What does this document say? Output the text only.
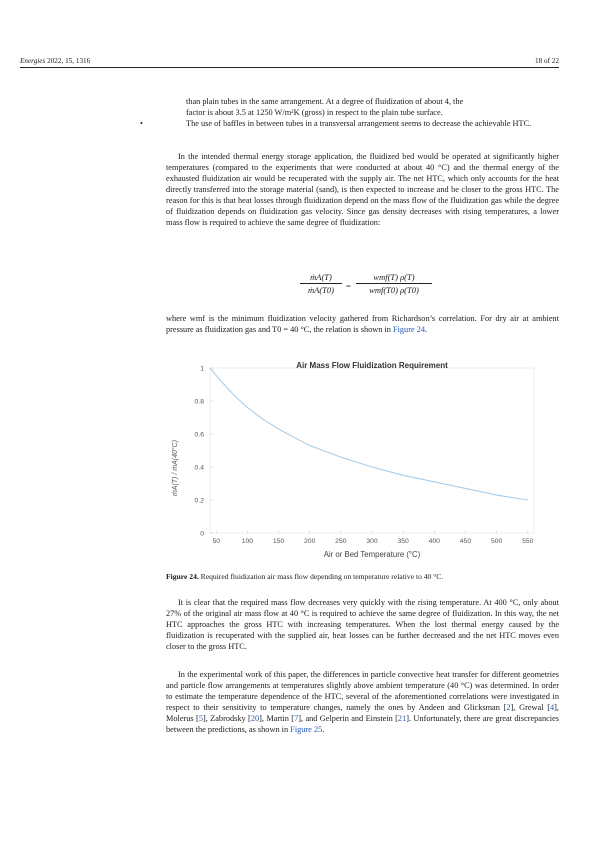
Energies 2022, 15, 1316	18 of 22

than plain tubes in the same arrangement. At a degree of fluidization of about 4, the

factor is about 3.5 at 1250 W/m²K (gross) in respect to the plain tube surface.

•	The use of baffles in between tubes in a transversal arrangement seems to decrease the achievable HTC.

In the intended thermal energy storage application, the fluidized bed would be operated at significantly higher temperatures (compared to the experiments that were conducted at about 40 °C) and the thermal energy of the exhausted fluidization air would be recuperated with the supply air. The net HTC, which only accounts for the heat directly transferred into the storage material (sand), is then expected to increase and be closer to the gross HTC. The reason for this is that heat losses through fluidization depend on the mass flow of the fluidization gas while the degree of fluidization depends on fluidization gas velocity. Since gas density decreases with rising temperatures, a lower mass flow is required to achieve the same degree of fluidization:

$\frac{\text{ṁA(T)}}{\text{ṁA(T0)}}$ =
wmf(T) ρ(T)
wmf(T0) ρ(T0)

where wmf is the minimum fluidization velocity gathered from Richardson’s correlation. For dry air at ambient pressure as fluidization gas and T0 = 40 °C, the relation is shown in Figure 24.

Air Mass Flow Fluidization Requirement
0
0.2
0.4
0.6
0.8
1
50	100	150	200	250	300	350	400	450	500	550
Air or Bed Temperature (°C)
ṁA(T) / ṁA(40°C)
Figure 24. Required fluidization air mass flow depending on temperature relative to 40 °C.

It is clear that the required mass flow decreases very quickly with the rising temperature. At 400 °C, only about 27% of the original air mass flow at 40 °C is required to achieve the same degree of fluidization. In this way, the net HTC approaches the gross HTC with increasing temperatures. When the lost thermal energy caused by the fluidization is recuperated with the supplied air, heat losses can be further decreased and the net HTC moves even closer to the gross HTC.

In the experimental work of this paper, the differences in particle convective heat transfer for different geometries and particle flow arrangements at temperatures slightly above ambient temperature (40 °C) was determined. In order to estimate the temperature dependence of the HTC, several of the aforementioned correlations were investigated in respect to their sensitivity to temperature changes, namely the ones by Andeen and Glicksman [2], Grewal [4], Molerus [5], Zabrodsky [20], Martin [7], and Gelperin and Einstein [21]. Unfortunately, there are great discrepancies between the predictions, as shown in Figure 25.
